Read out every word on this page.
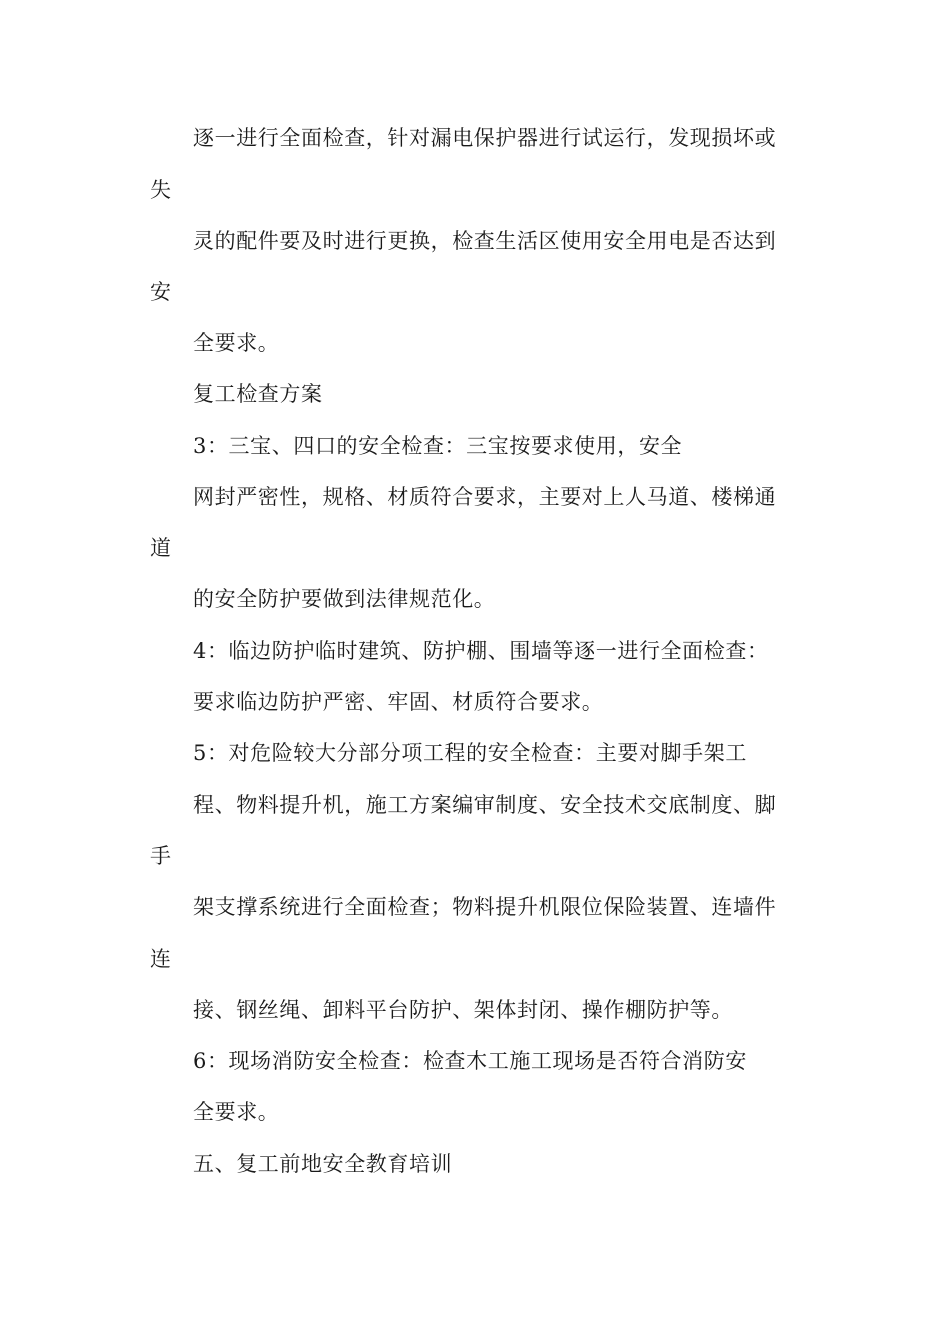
逐一进行全面检查，针对漏电保护器进行试运行，发现损坏或
失
灵的配件要及时进行更换，检查生活区使用安全用电是否达到
安
全要求。
复工检查方案
3：三宝、四口的安全检查：三宝按要求使用，安全
网封严密性，规格、材质符合要求，主要对上人马道、楼梯通
道
的安全防护要做到法律规范化。
4：临边防护临时建筑、防护棚、围墙等逐一进行全面检查：
要求临边防护严密、牢固、材质符合要求。
5：对危险较大分部分项工程的安全检查：主要对脚手架工
程、物料提升机，施工方案编审制度、安全技术交底制度、脚
手
架支撑系统进行全面检查；物料提升机限位保险装置、连墙件
连
接、钢丝绳、卸料平台防护、架体封闭、操作棚防护等。
6：现场消防安全检查：检查木工施工现场是否符合消防安
全要求。
五、复工前地安全教育培训
